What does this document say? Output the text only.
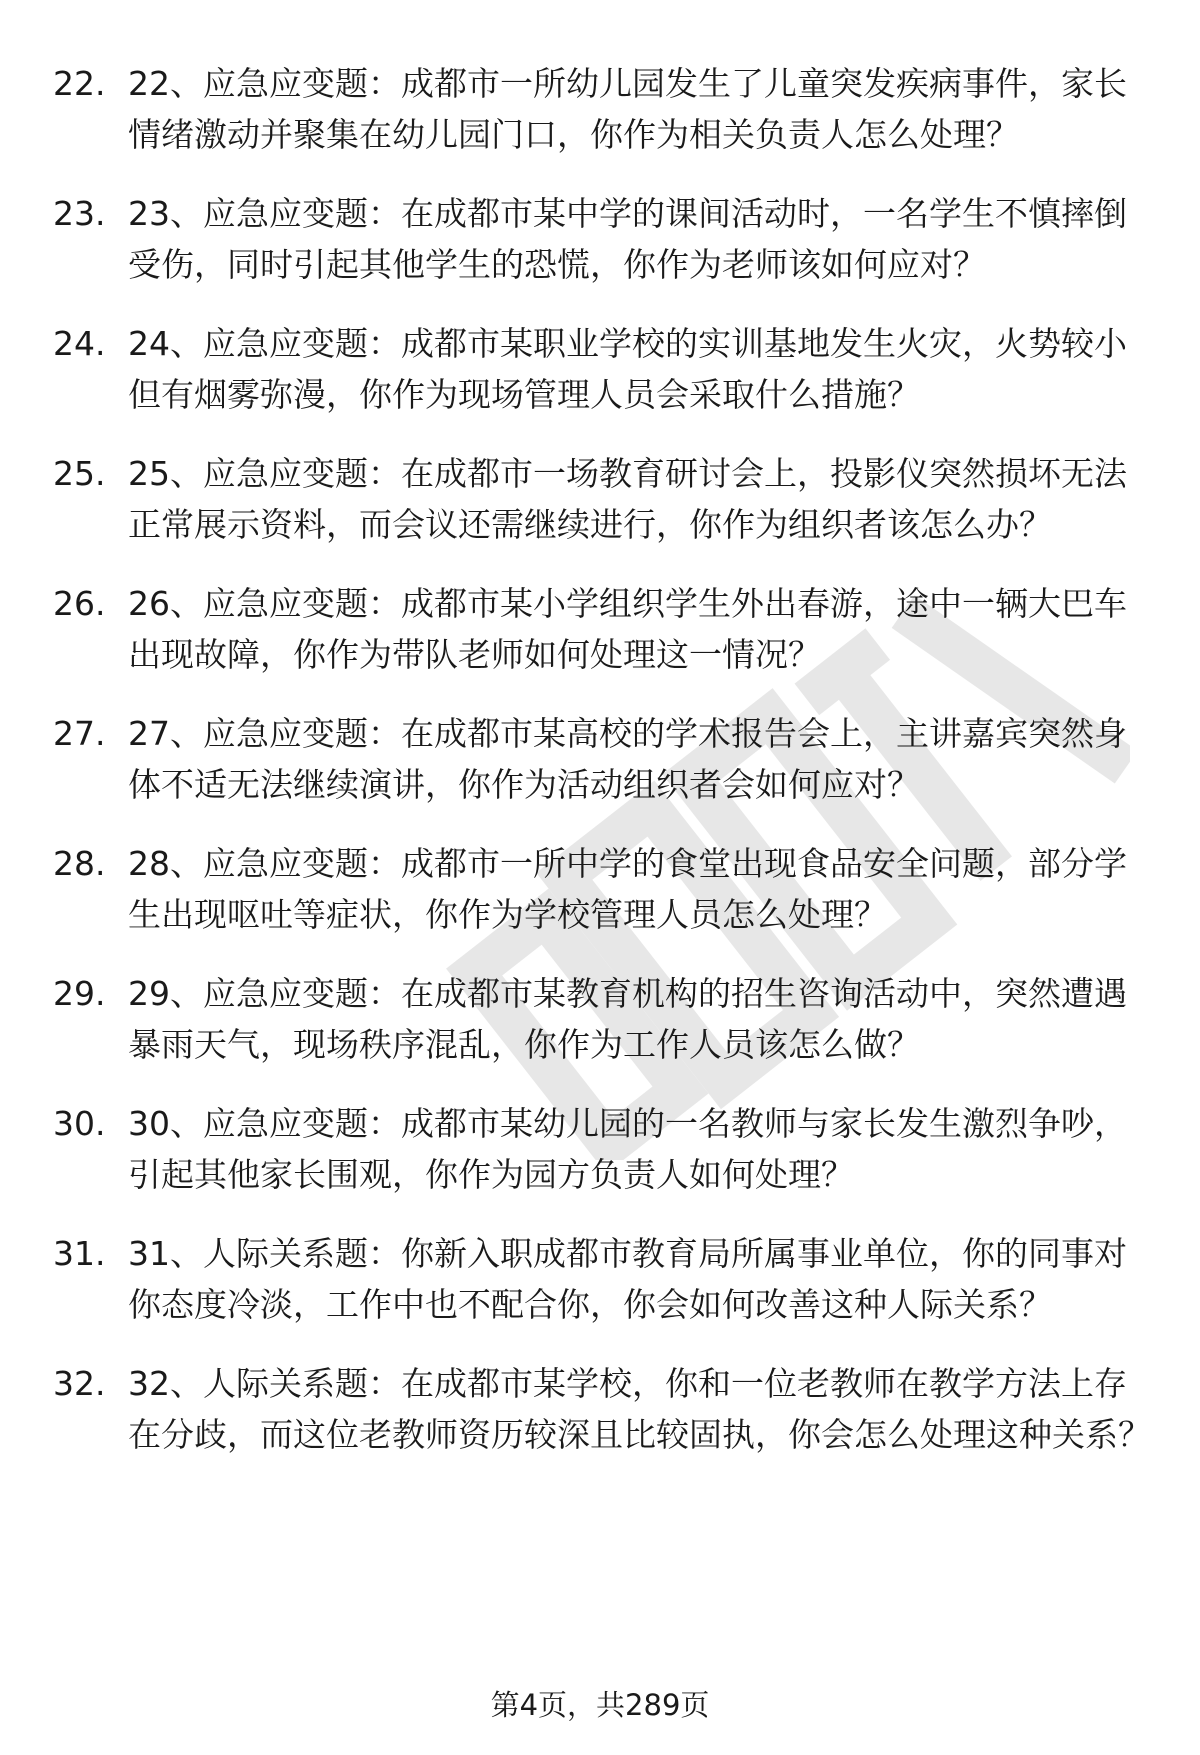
22. 22、应急应变题：成都市一所幼儿园发生了儿童突发疾病事件，家长情绪激动并聚集在幼儿园门口，你作为相关负责人怎么处理？
23. 23、应急应变题：在成都市某中学的课间活动时，一名学生不慎摔倒受伤，同时引起其他学生的恐慌，你作为老师该如何应对？
24. 24、应急应变题：成都市某职业学校的实训基地发生火灾，火势较小但有烟雾弥漫，你作为现场管理人员会采取什么措施？
25. 25、应急应变题：在成都市一场教育研讨会上，投影仪突然损坏无法正常展示资料，而会议还需继续进行，你作为组织者该怎么办？
26. 26、应急应变题：成都市某小学组织学生外出春游，途中一辆大巴车出现故障，你作为带队老师如何处理这一情况？
27. 27、应急应变题：在成都市某高校的学术报告会上，主讲嘉宾突然身体不适无法继续演讲，你作为活动组织者会如何应对？
28. 28、应急应变题：成都市一所中学的食堂出现食品安全问题，部分学生出现呕吐等症状，你作为学校管理人员怎么处理？
29. 29、应急应变题：在成都市某教育机构的招生咨询活动中，突然遭遇暴雨天气，现场秩序混乱，你作为工作人员该怎么做？
30. 30、应急应变题：成都市某幼儿园的一名教师与家长发生激烈争吵，引起其他家长围观，你作为园方负责人如何处理？
31. 31、人际关系题：你新入职成都市教育局所属事业单位，你的同事对你态度冷淡，工作中也不配合你，你会如何改善这种人际关系？
32. 32、人际关系题：在成都市某学校，你和一位老教师在教学方法上存在分歧，而这位老教师资历较深且比较固执，你会怎么处理这种关系？
第4页，共289页
